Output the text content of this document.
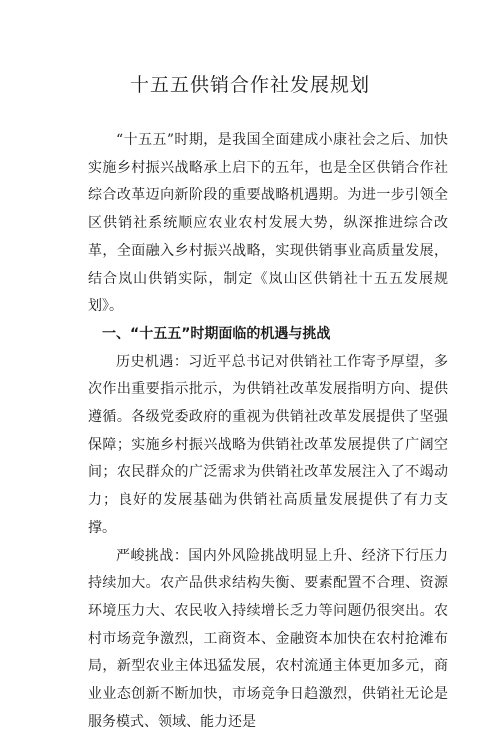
十五五供销合作社发展规划

“十五五”时期，是我国全面建成小康社会之后、加快实施乡村振兴战略承上启下的五年，也是全区供销合作社综合改革迈向新阶段的重要战略机遇期。为进一步引领全区供销社系统顺应农业农村发展大势，纵深推进综合改革，全面融入乡村振兴战略，实现供销事业高质量发展，结合岚山供销实际，制定《岚山区供销社十五五发展规划》。

一、“十五五”时期面临的机遇与挑战

历史机遇：习近平总书记对供销社工作寄予厚望，多次作出重要指示批示，为供销社改革发展指明方向、提供遵循。各级党委政府的重视为供销社改革发展提供了坚强保障；实施乡村振兴战略为供销社改革发展提供了广阔空间；农民群众的广泛需求为供销社改革发展注入了不竭动力；良好的发展基础为供销社高质量发展提供了有力支撑。

严峻挑战：国内外风险挑战明显上升、经济下行压力持续加大。农产品供求结构失衡、要素配置不合理、资源环境压力大、农民收入持续增长乏力等问题仍很突出。农村市场竞争激烈，工商资本、金融资本加快在农村抢滩布局，新型农业主体迅猛发展，农村流通主体更加多元，商业业态创新不断加快，市场竞争日趋激烈，供销社无论是服务模式、领域、能力还是
